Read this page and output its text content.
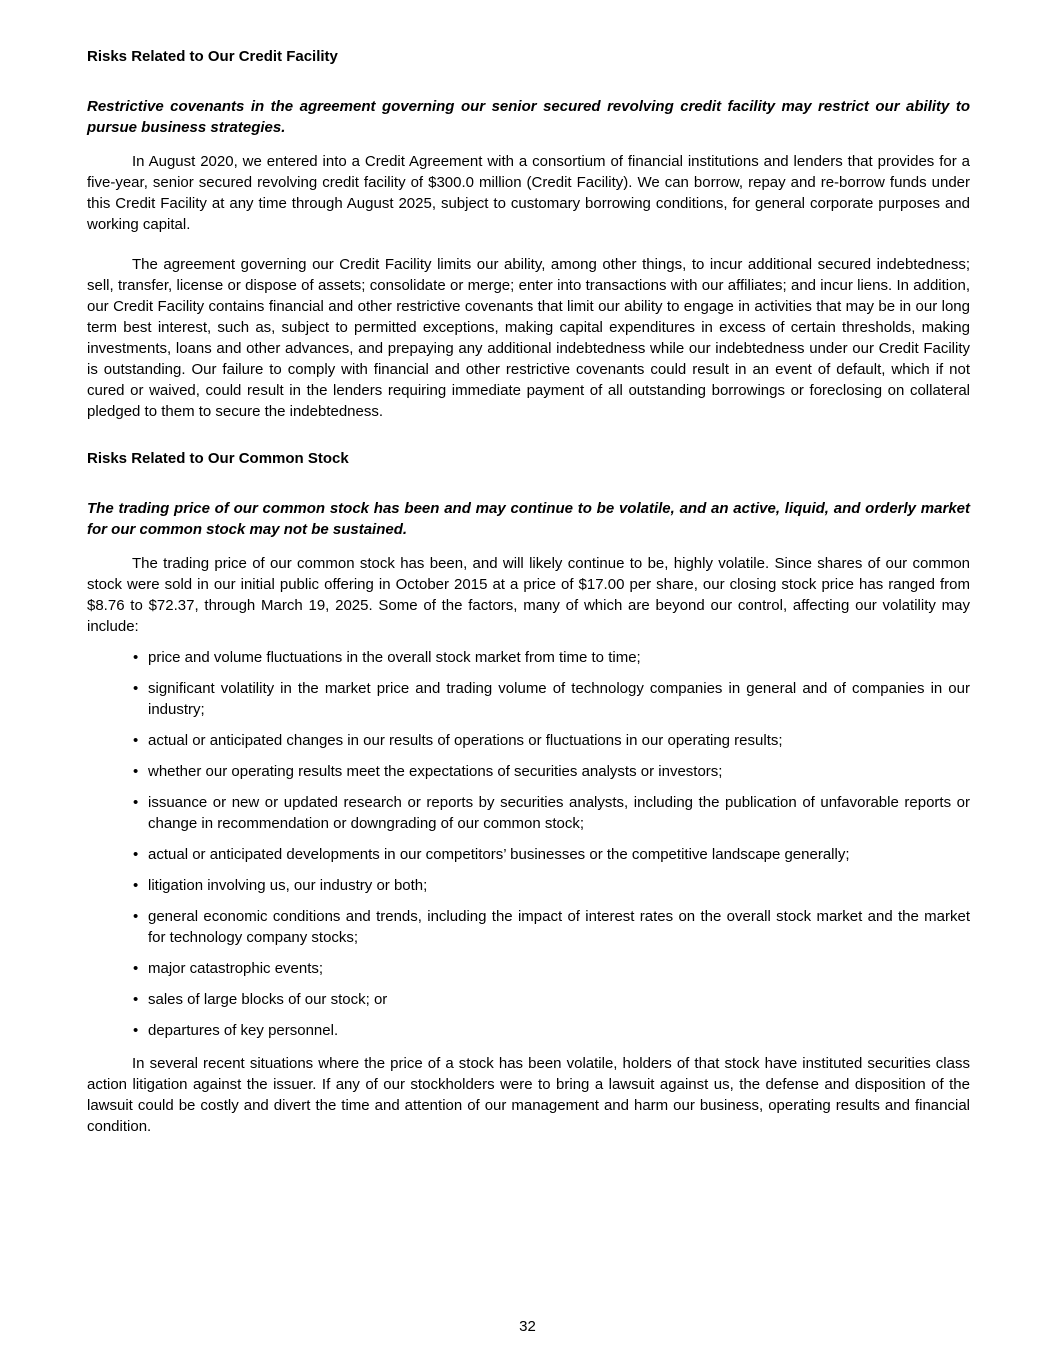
Risks Related to Our Credit Facility

Restrictive covenants in the agreement governing our senior secured revolving credit facility may restrict our ability to pursue business strategies.

In August 2020, we entered into a Credit Agreement with a consortium of financial institutions and lenders that provides for a five-year, senior secured revolving credit facility of $300.0 million (Credit Facility). We can borrow, repay and re-borrow funds under this Credit Facility at any time through August 2025, subject to customary borrowing conditions, for general corporate purposes and working capital.

The agreement governing our Credit Facility limits our ability, among other things, to incur additional secured indebtedness; sell, transfer, license or dispose of assets; consolidate or merge; enter into transactions with our affiliates; and incur liens. In addition, our Credit Facility contains financial and other restrictive covenants that limit our ability to engage in activities that may be in our long term best interest, such as, subject to permitted exceptions, making capital expenditures in excess of certain thresholds, making investments, loans and other advances, and prepaying any additional indebtedness while our indebtedness under our Credit Facility is outstanding. Our failure to comply with financial and other restrictive covenants could result in an event of default, which if not cured or waived, could result in the lenders requiring immediate payment of all outstanding borrowings or foreclosing on collateral pledged to them to secure the indebtedness.

Risks Related to Our Common Stock

The trading price of our common stock has been and may continue to be volatile, and an active, liquid, and orderly market for our common stock may not be sustained.

The trading price of our common stock has been, and will likely continue to be, highly volatile. Since shares of our common stock were sold in our initial public offering in October 2015 at a price of $17.00 per share, our closing stock price has ranged from $8.76 to $72.37, through March 19, 2025. Some of the factors, many of which are beyond our control, affecting our volatility may include:

• price and volume fluctuations in the overall stock market from time to time;
• significant volatility in the market price and trading volume of technology companies in general and of companies in our industry;
• actual or anticipated changes in our results of operations or fluctuations in our operating results;
• whether our operating results meet the expectations of securities analysts or investors;
• issuance or new or updated research or reports by securities analysts, including the publication of unfavorable reports or change in recommendation or downgrading of our common stock;
• actual or anticipated developments in our competitors’ businesses or the competitive landscape generally;
• litigation involving us, our industry or both;
• general economic conditions and trends, including the impact of interest rates on the overall stock market and the market for technology company stocks;
• major catastrophic events;
• sales of large blocks of our stock; or
• departures of key personnel.

In several recent situations where the price of a stock has been volatile, holders of that stock have instituted securities class action litigation against the issuer. If any of our stockholders were to bring a lawsuit against us, the defense and disposition of the lawsuit could be costly and divert the time and attention of our management and harm our business, operating results and financial condition.

32
